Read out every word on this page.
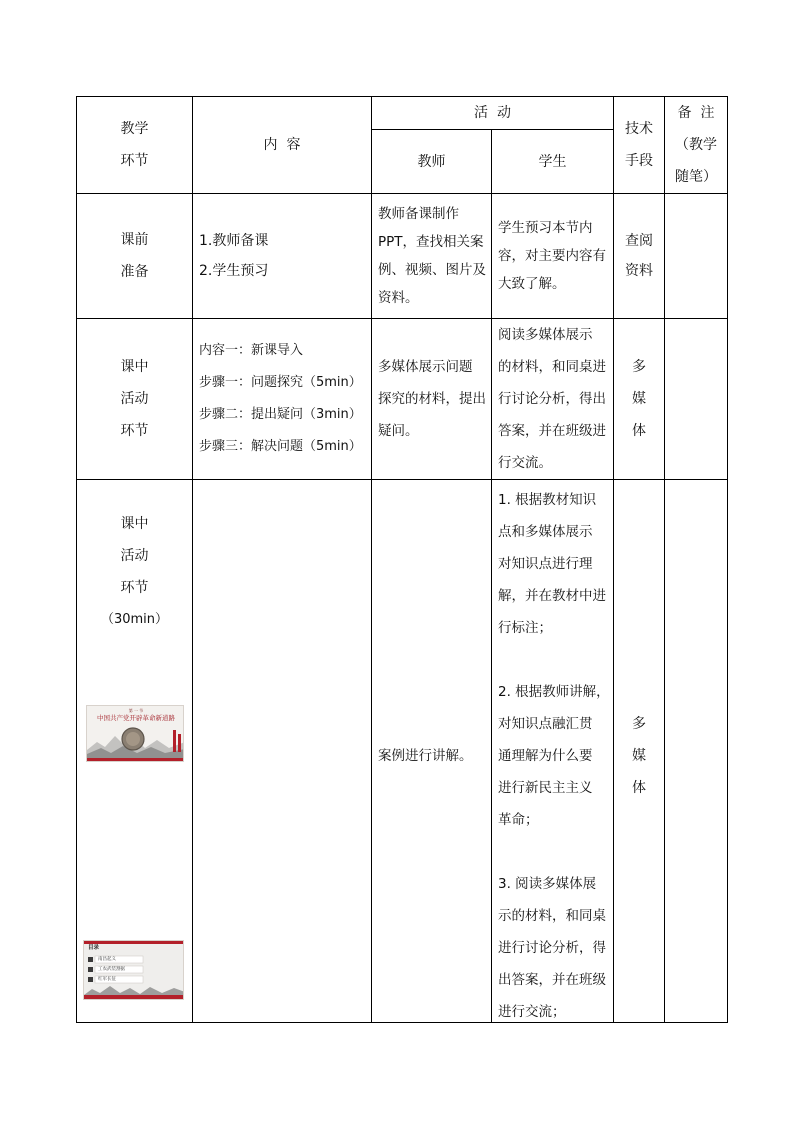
教学
环节
内  容
活  动
教师	学生
技术
手段
备  注
（教学
随笔）
课前
准备
1.教师备课
2.学生预习
教师备课制作
PPT，查找相关案
例、视频、图片及
资料。
学生预习本节内
容，对主要内容有
大致了解。
查阅
资料
课中
活动
环节
内容一：新课导入
步骤一：问题探究（5min）
步骤二：提出疑问（3min）
步骤三：解决问题（5min）
多媒体展示问题
探究的材料，提出
疑问。
阅读多媒体展示
的材料，和同桌进
行讨论分析，得出
答案，并在班级进
行交流。
多
媒
体
课中
活动
环节
（30min）
第 一 节
中国共产党开辟革命新道路
目录
南昌起义
工农武装割据
红军长征
案例进行讲解。
1. 根据教材知识
点和多媒体展示
对知识点进行理
解，并在教材中进
行标注；
2. 根据教师讲解，
对知识点融汇贯
通理解为什么要
进行新民主主义
革命；
3. 阅读多媒体展
示的材料，和同桌
进行讨论分析，得
出答案，并在班级
进行交流；
多
媒
体
